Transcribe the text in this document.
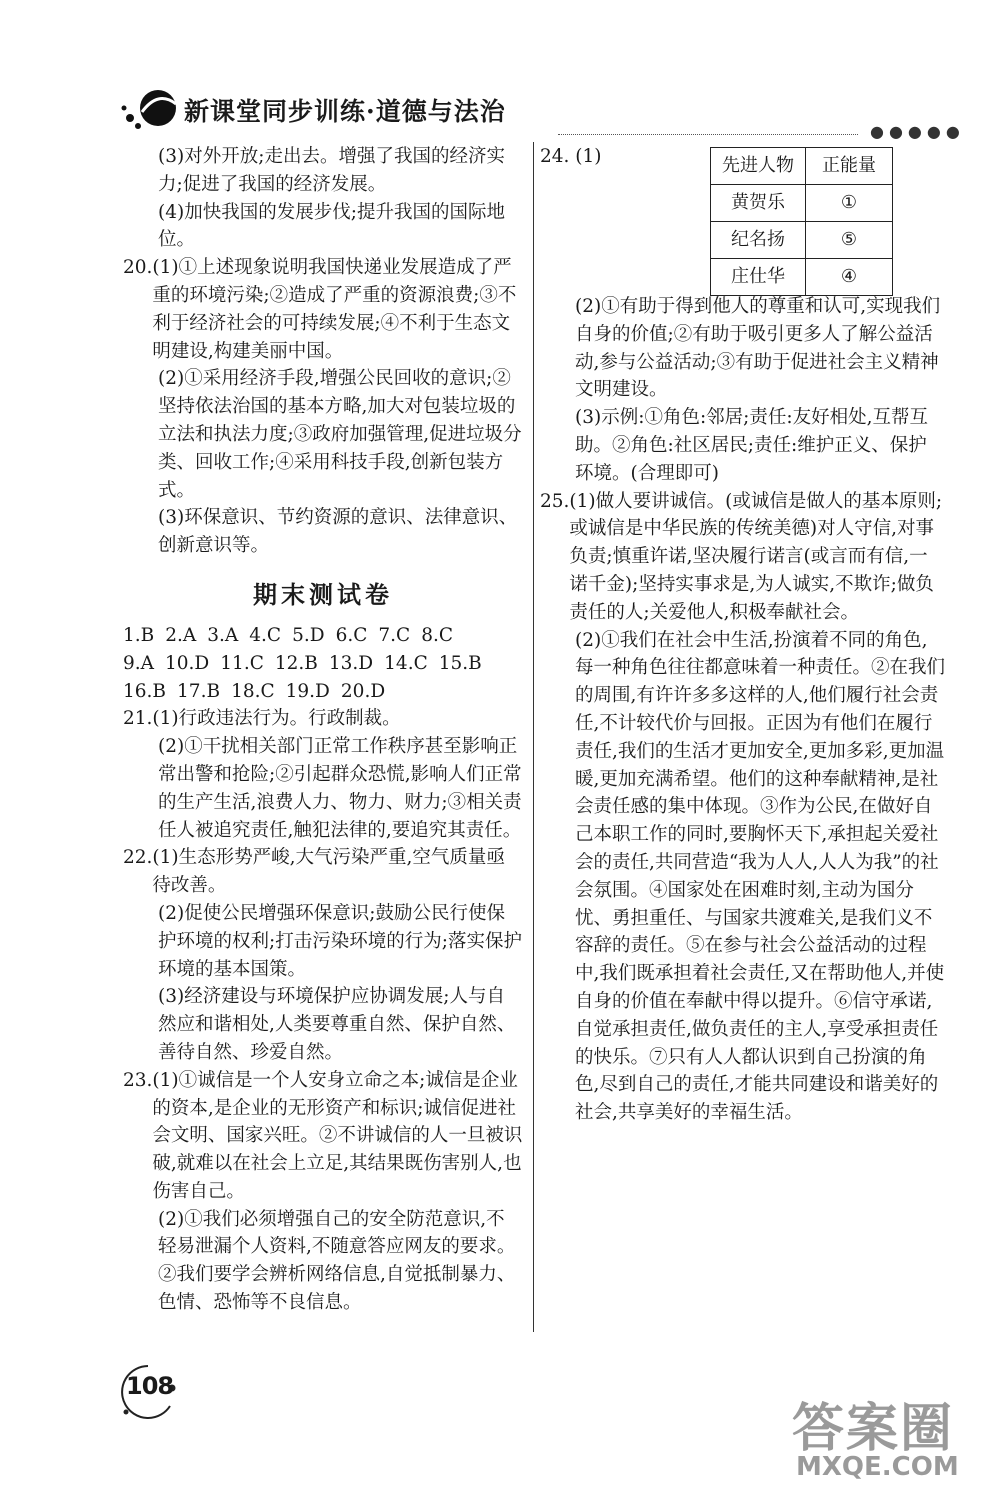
新课堂同步训练·道德与法治
●●●●●

(3)对外开放;走出去。增强了我国的经济实力;促进了我国的经济发展。

(4)加快我国的发展步伐;提升我国的国际地位。

20. (1)①上述现象说明我国快递业发展造成了严重的环境污染;②造成了严重的资源浪费;③不利于经济社会的可持续发展;④不利于生态文明建设,构建美丽中国。

(2)①采用经济手段,增强公民回收的意识;②坚持依法治国的基本方略,加大对包装垃圾的立法和执法力度;③政府加强管理,促进垃圾分类、回收工作;④采用科技手段,创新包装方式。

(3)环保意识、节约资源的意识、法律意识、创新意识等。

期末测试卷

1.B 2.A 3.A 4.C 5.D 6.C 7.C 8.C

9.A 10.D 11.C 12.B 13.D 14.C 15.B

16.B 17.B 18.C 19.D 20.D

21. (1)行政违法行为。行政制裁。

(2)①干扰相关部门正常工作秩序甚至影响正常出警和抢险;②引起群众恐慌,影响人们正常的生产生活,浪费人力、物力、财力;③相关责任人被追究责任,触犯法律的,要追究其责任。

22. (1)生态形势严峻,大气污染严重,空气质量亟待改善。

(2)促使公民增强环保意识;鼓励公民行使保护环境的权利;打击污染环境的行为;落实保护环境的基本国策。

(3)经济建设与环境保护应协调发展;人与自然应和谐相处,人类要尊重自然、保护自然、善待自然、珍爱自然。

23. (1)①诚信是一个人安身立命之本;诚信是企业的资本,是企业的无形资产和标识;诚信促进社会文明、国家兴旺。②不讲诚信的人一旦被识破,就难以在社会上立足,其结果既伤害别人,也伤害自己。

(2)①我们必须增强自己的安全防范意识,不轻易泄漏个人资料,不随意答应网友的要求。②我们要学会辨析网络信息,自觉抵制暴力、色情、恐怖等不良信息。

24. (1)	先进人物	正能量
黄贺乐	①
纪名扬	⑤
庄仕华	④

(2)①有助于得到他人的尊重和认可,实现我们自身的价值;②有助于吸引更多人了解公益活动,参与公益活动;③有助于促进社会主义精神文明建设。

(3)示例:①角色:邻居;责任:友好相处,互帮互助。②角色:社区居民;责任:维护正义、保护环境。(合理即可)

25. (1)做人要讲诚信。(或诚信是做人的基本原则;或诚信是中华民族的传统美德)对人守信,对事负责;慎重许诺,坚决履行诺言(或言而有信,一诺千金);坚持实事求是,为人诚实,不欺诈;做负责任的人;关爱他人,积极奉献社会。

(2)①我们在社会中生活,扮演着不同的角色,每一种角色往往都意味着一种责任。②在我们的周围,有许许多多这样的人,他们履行社会责任,不计较代价与回报。正因为有他们在履行责任,我们的生活才更加安全,更加多彩,更加温暖,更加充满希望。他们的这种奉献精神,是社会责任感的集中体现。③作为公民,在做好自己本职工作的同时,要胸怀天下,承担起关爱社会的责任,共同营造“我为人人,人人为我”的社会氛围。④国家处在困难时刻,主动为国分忧、勇担重任、与国家共渡难关,是我们义不容辞的责任。⑤在参与社会公益活动的过程中,我们既承担着社会责任,又在帮助他人,并使自身的价值在奉献中得以提升。⑥信守承诺,自觉承担责任,做负责任的主人,享受承担责任的快乐。⑦只有人人都认识到自己扮演的角色,尽到自己的责任,才能共同建设和谐美好的社会,共享美好的幸福生活。

108
答案圈
MXQE.COM
